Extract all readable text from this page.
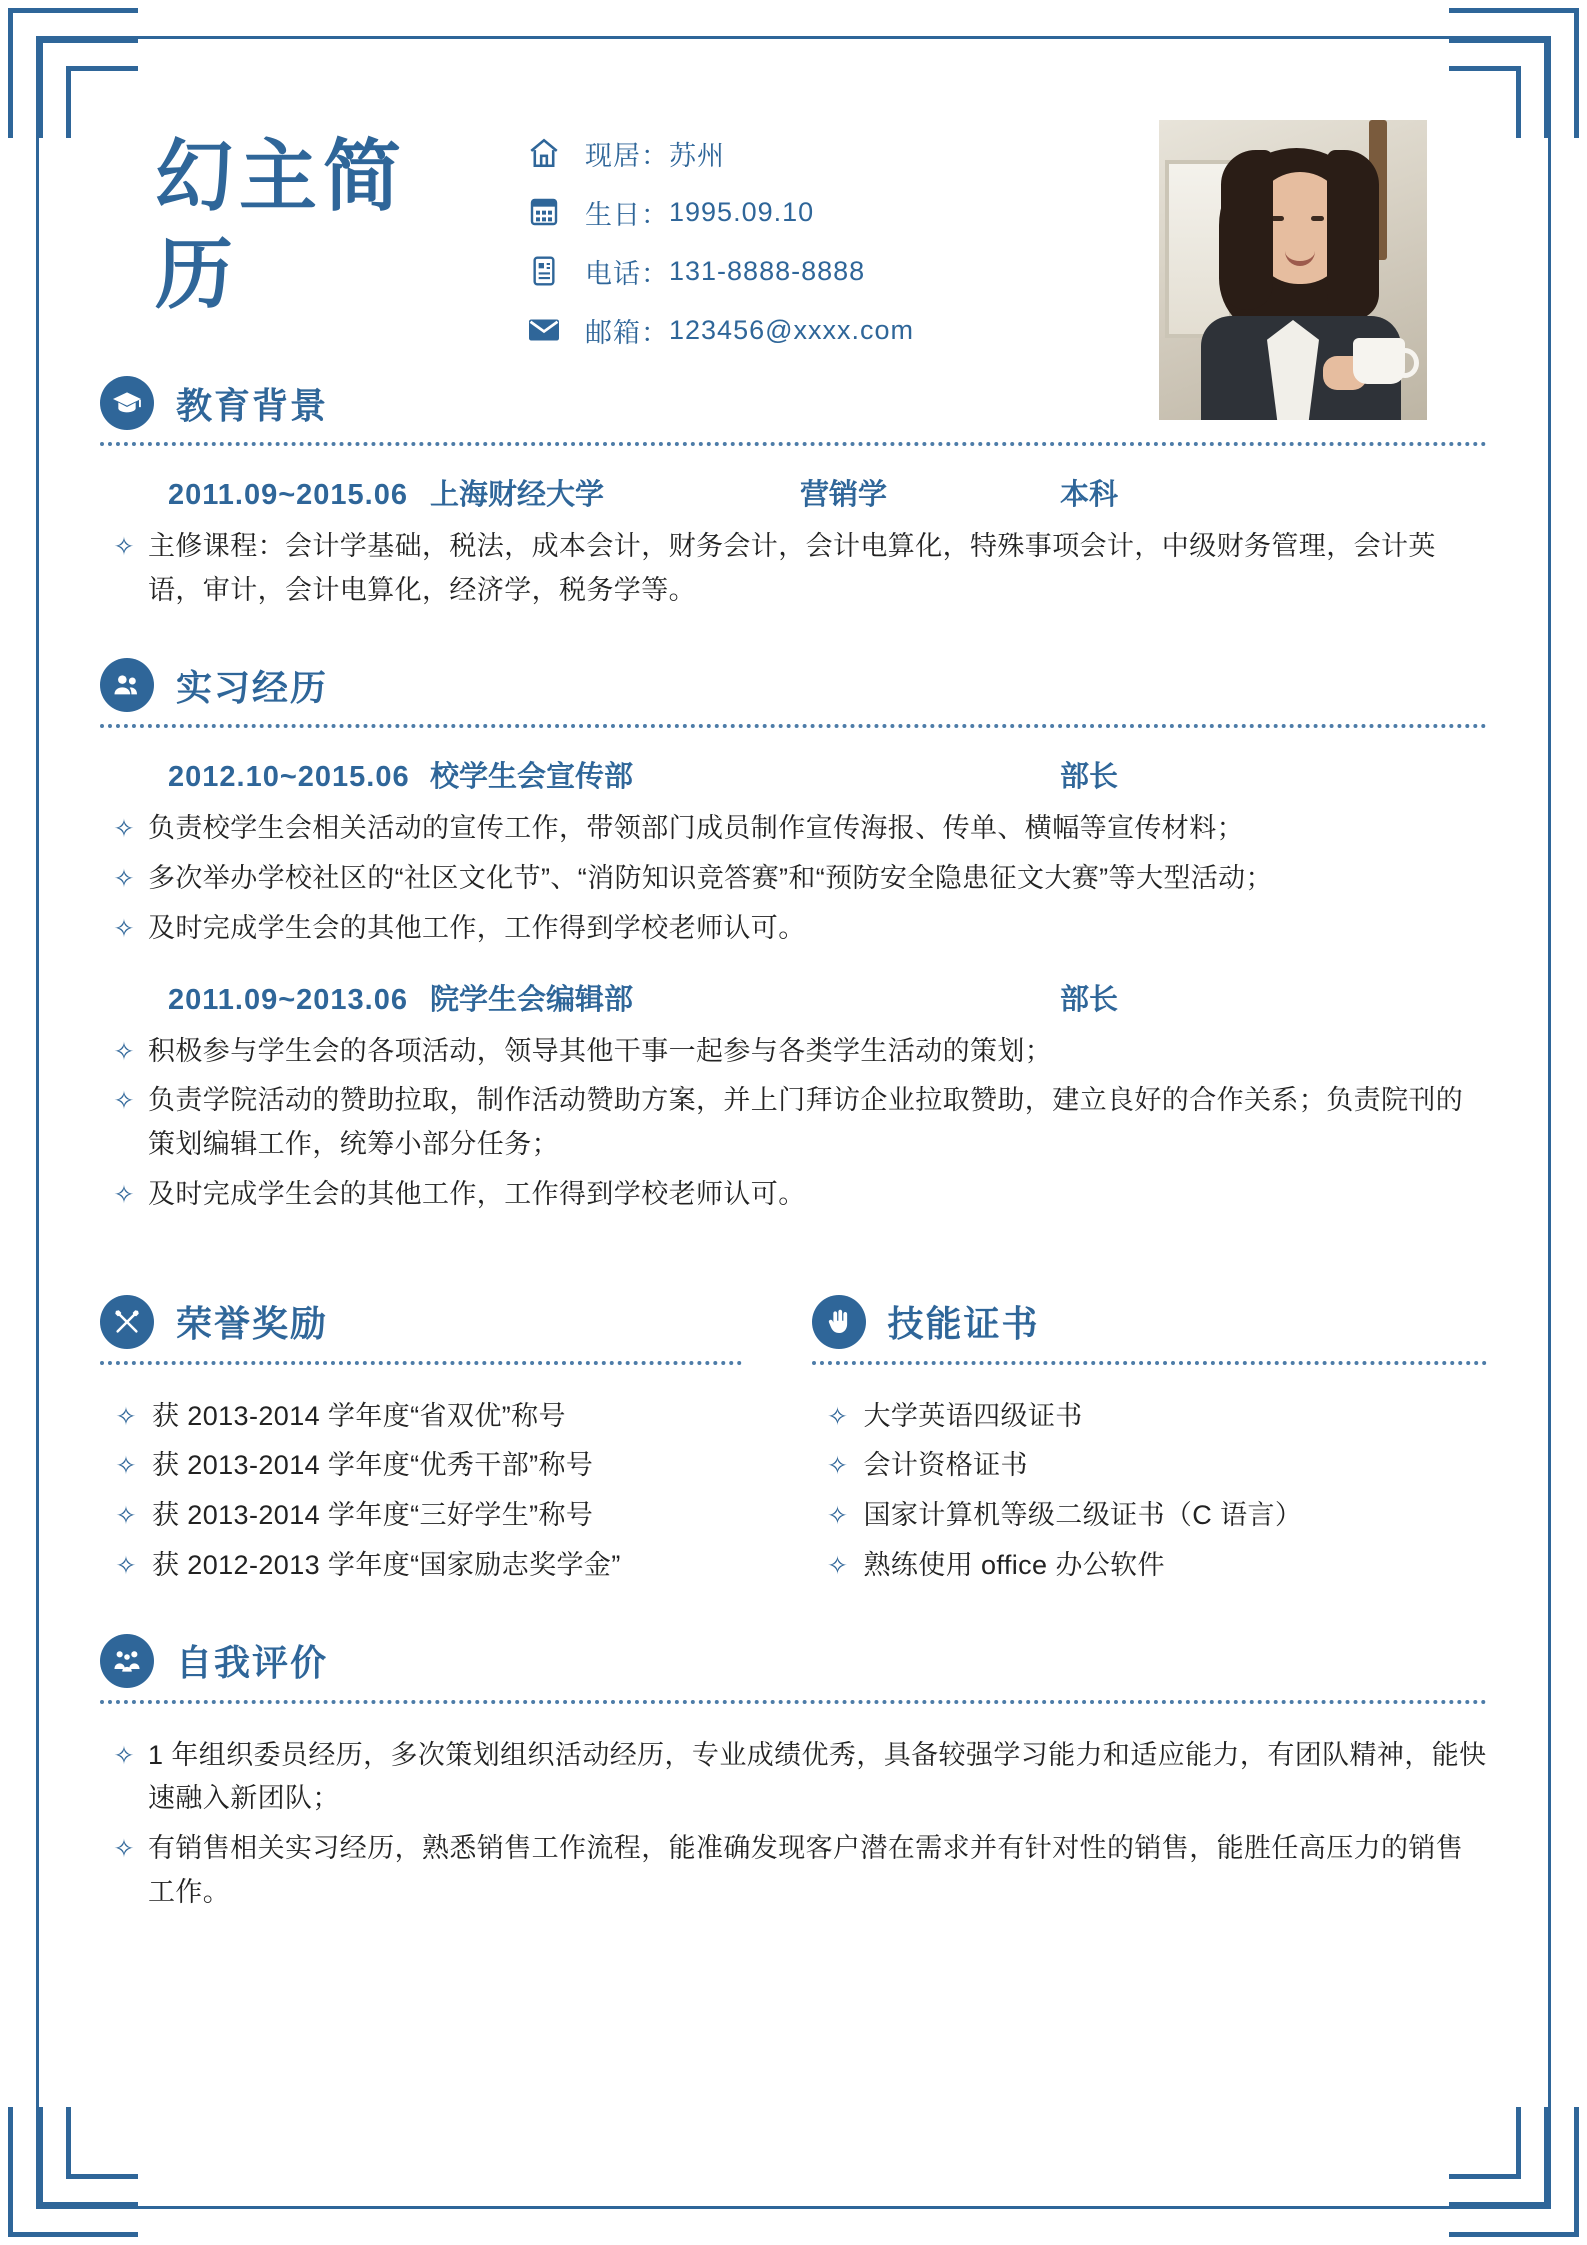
幻主简历
现居： 苏州
生日： 1995.09.10
电话： 131-8888-8888
邮箱： 123456@xxxx.com
教育背景
2011.09~2015.06 上海财经大学	营销学	本科
✧ 主修课程：会计学基础，税法，成本会计，财务会计，会计电算化，特殊事项会计，中级财务管理，会计英语，审计，会计电算化，经济学，税务学等。
实习经历
2012.10~2015.06 校学生会宣传部	部长
✧ 负责校学生会相关活动的宣传工作，带领部门成员制作宣传海报、传单、横幅等宣传材料；
✧ 多次举办学校社区的“社区文化节”、“消防知识竞答赛”和“预防安全隐患征文大赛”等大型活动；
✧ 及时完成学生会的其他工作，工作得到学校老师认可。
2011.09~2013.06 院学生会编辑部	部长
✧ 积极参与学生会的各项活动，领导其他干事一起参与各类学生活动的策划；
✧ 负责学院活动的赞助拉取，制作活动赞助方案，并上门拜访企业拉取赞助，建立良好的合作关系；负责院刊的策划编辑工作，统筹小部分任务；
✧ 及时完成学生会的其他工作，工作得到学校老师认可。
荣誉奖励
✧ 获 2013-2014 学年度“省双优”称号
✧ 获 2013-2014 学年度“优秀干部”称号
✧ 获 2013-2014 学年度“三好学生”称号
✧ 获 2012-2013 学年度“国家励志奖学金”
技能证书
✧ 大学英语四级证书
✧ 会计资格证书
✧ 国家计算机等级二级证书（C 语言）
✧ 熟练使用 office 办公软件
自我评价
✧ 1 年组织委员经历，多次策划组织活动经历，专业成绩优秀，具备较强学习能力和适应能力，有团队精神，能快速融入新团队；
✧ 有销售相关实习经历，熟悉销售工作流程，能准确发现客户潜在需求并有针对性的销售，能胜任高压力的销售工作。
